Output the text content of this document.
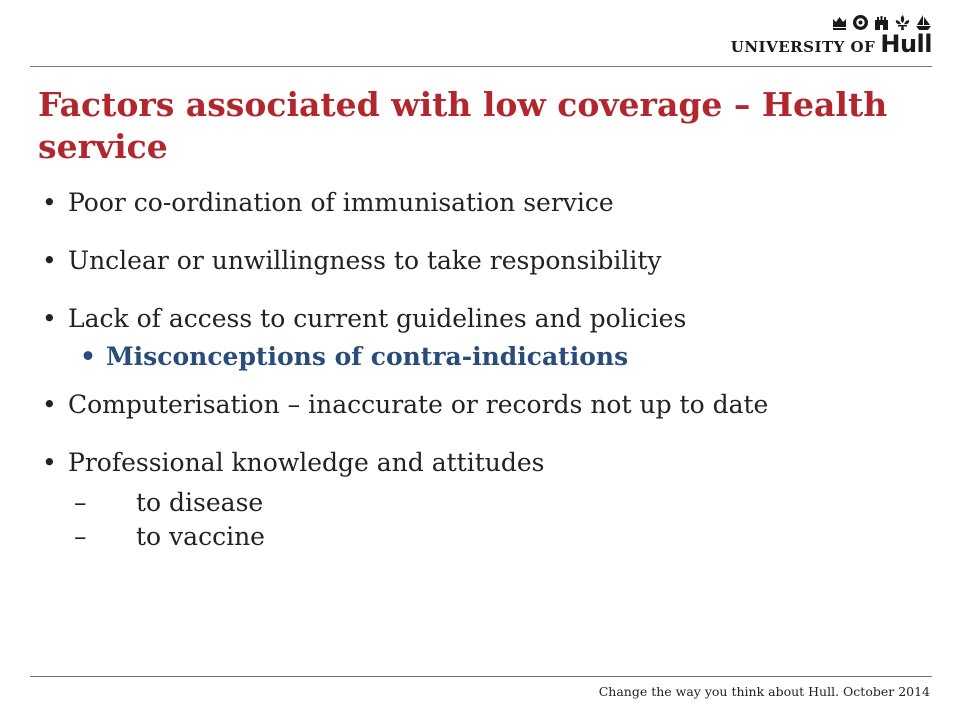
UNIVERSITY OF Hull
Factors associated with low coverage – Health service
• Poor co-ordination of immunisation service
• Unclear or unwillingness to take responsibility
• Lack of access to current guidelines and policies
• Misconceptions of contra-indications
• Computerisation – inaccurate or records not up to date
• Professional knowledge and attitudes
– to disease
– to vaccine
Change the way you think about Hull. October 2014
